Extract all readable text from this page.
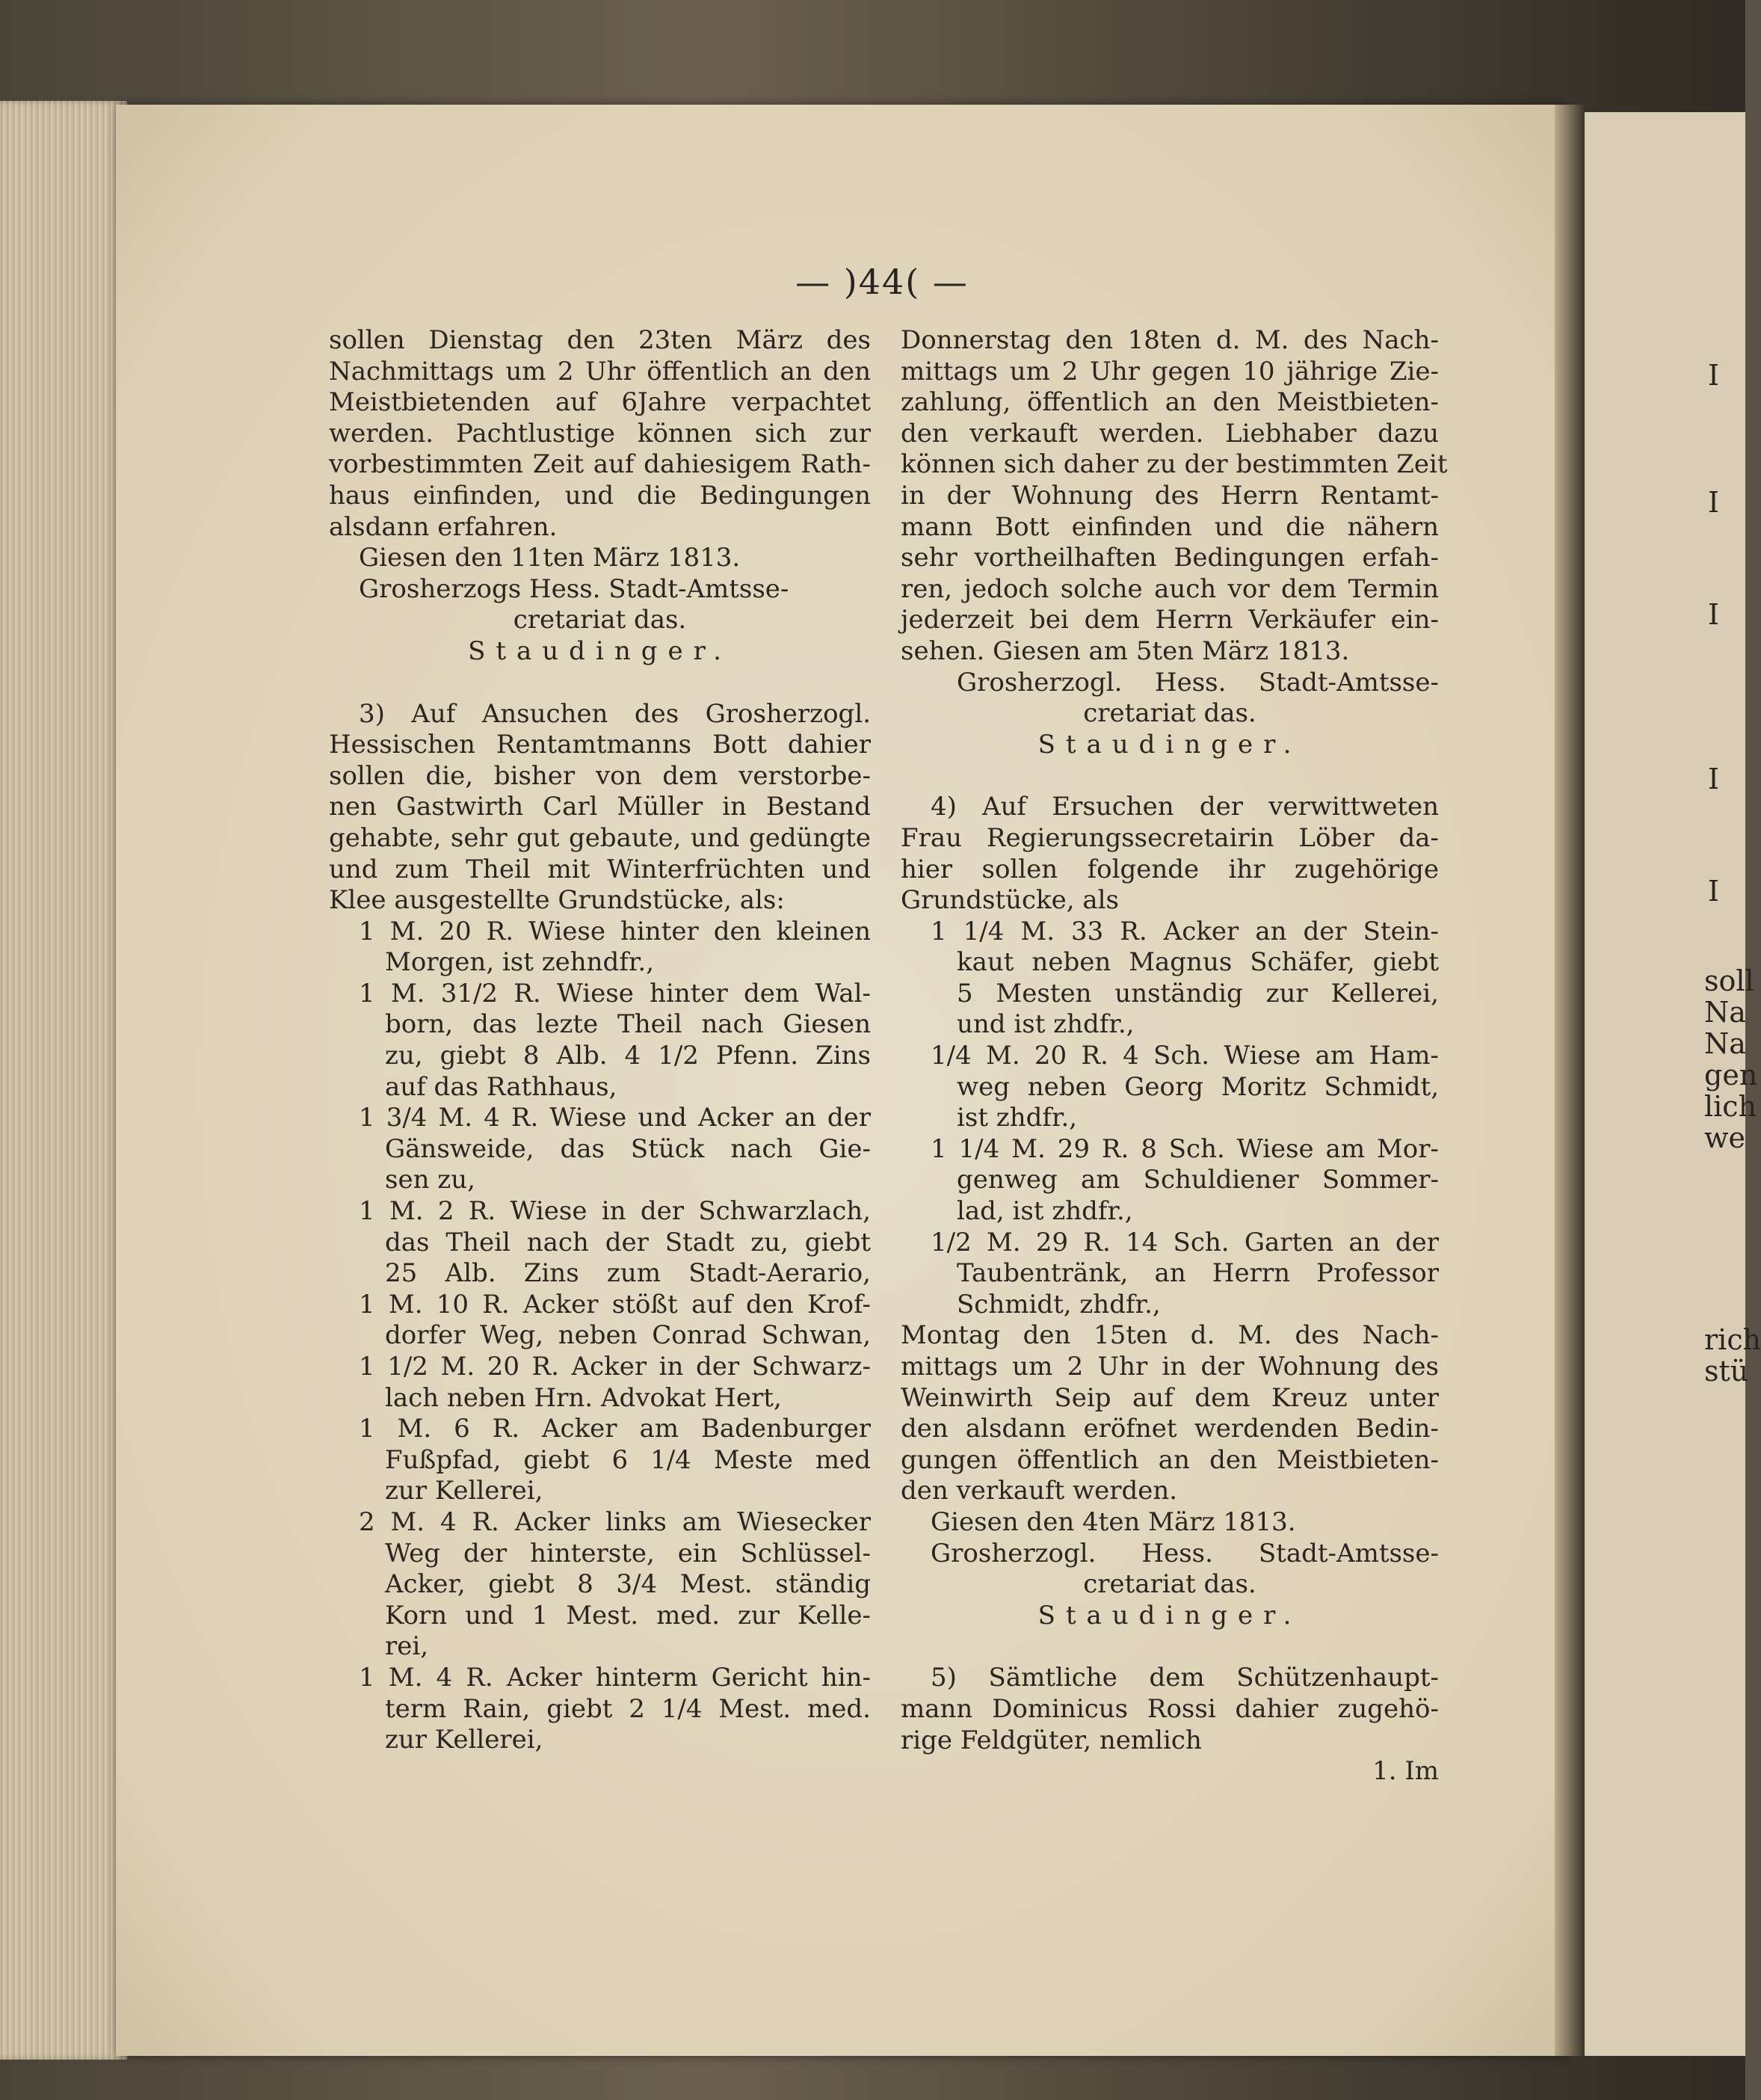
I
I
I
I
I
soll
Na
Na
gen
lich
we
rich
stü
— )44( —
sollen Dienstag den 23ten März des
Nachmittags um 2 Uhr öffentlich an den
Meistbietenden auf 6Jahre verpachtet
werden. Pachtlustige können sich zur
vorbestimmten Zeit auf dahiesigem Rath-
haus einfinden, und die Bedingungen
alsdann erfahren.
Giesen den 11ten März 1813.
Grosherzogs Hess. Stadt-Amtsse-
cretariat das.
Staudinger.
3) Auf Ansuchen des Grosherzogl.
Hessischen Rentamtmanns Bott dahier
sollen die, bisher von dem verstorbe-
nen Gastwirth Carl Müller in Bestand
gehabte, sehr gut gebaute, und gedüngte
und zum Theil mit Winterfrüchten und
Klee ausgestellte Grundstücke, als:
1 M. 20 R. Wiese hinter den kleinen
Morgen, ist zehndfr.,
1 M. 31/2 R. Wiese hinter dem Wal-
born, das lezte Theil nach Giesen
zu, giebt 8 Alb. 4 1/2 Pfenn. Zins
auf das Rathhaus,
1 3/4 M. 4 R. Wiese und Acker an der
Gänsweide, das Stück nach Gie-
sen zu,
1 M. 2 R. Wiese in der Schwarzlach,
das Theil nach der Stadt zu, giebt
25 Alb. Zins zum Stadt-Aerario,
1 M. 10 R. Acker stößt auf den Krof-
dorfer Weg, neben Conrad Schwan,
1 1/2 M. 20 R. Acker in der Schwarz-
lach neben Hrn. Advokat Hert,
1 M. 6 R. Acker am Badenburger
Fußpfad, giebt 6 1/4 Meste med
zur Kellerei,
2 M. 4 R. Acker links am Wiesecker
Weg der hinterste, ein Schlüssel-
Acker, giebt 8 3/4 Mest. ständig
Korn und 1 Mest. med. zur Kelle-
rei,
1 M. 4 R. Acker hinterm Gericht hin-
term Rain, giebt 2 1/4 Mest. med.
zur Kellerei,
Donnerstag den 18ten d. M. des Nach-
mittags um 2 Uhr gegen 10 jährige Zie-
zahlung, öffentlich an den Meistbieten-
den verkauft werden. Liebhaber dazu
können sich daher zu der bestimmten Zeit
in der Wohnung des Herrn Rentamt-
mann Bott einfinden und die nähern
sehr vortheilhaften Bedingungen erfah-
ren, jedoch solche auch vor dem Termin
jederzeit bei dem Herrn Verkäufer ein-
sehen. Giesen am 5ten März 1813.
Grosherzogl. Hess. Stadt-Amtsse-
cretariat das.
Staudinger.
4) Auf Ersuchen der verwittweten
Frau Regierungssecretairin Löber da-
hier sollen folgende ihr zugehörige
Grundstücke, als
1 1/4 M. 33 R. Acker an der Stein-
kaut neben Magnus Schäfer, giebt
5 Mesten unständig zur Kellerei,
und ist zhdfr.,
1/4 M. 20 R. 4 Sch. Wiese am Ham-
weg neben Georg Moritz Schmidt,
ist zhdfr.,
1 1/4 M. 29 R. 8 Sch. Wiese am Mor-
genweg am Schuldiener Sommer-
lad, ist zhdfr.,
1/2 M. 29 R. 14 Sch. Garten an der
Taubentränk, an Herrn Professor
Schmidt, zhdfr.,
Montag den 15ten d. M. des Nach-
mittags um 2 Uhr in der Wohnung des
Weinwirth Seip auf dem Kreuz unter
den alsdann eröfnet werdenden Bedin-
gungen öffentlich an den Meistbieten-
den verkauft werden.
Giesen den 4ten März 1813.
Grosherzogl. Hess. Stadt-Amtsse-
cretariat das.
Staudinger.
5) Sämtliche dem Schützenhaupt-
mann Dominicus Rossi dahier zugehö-
rige Feldgüter, nemlich
1. Im
